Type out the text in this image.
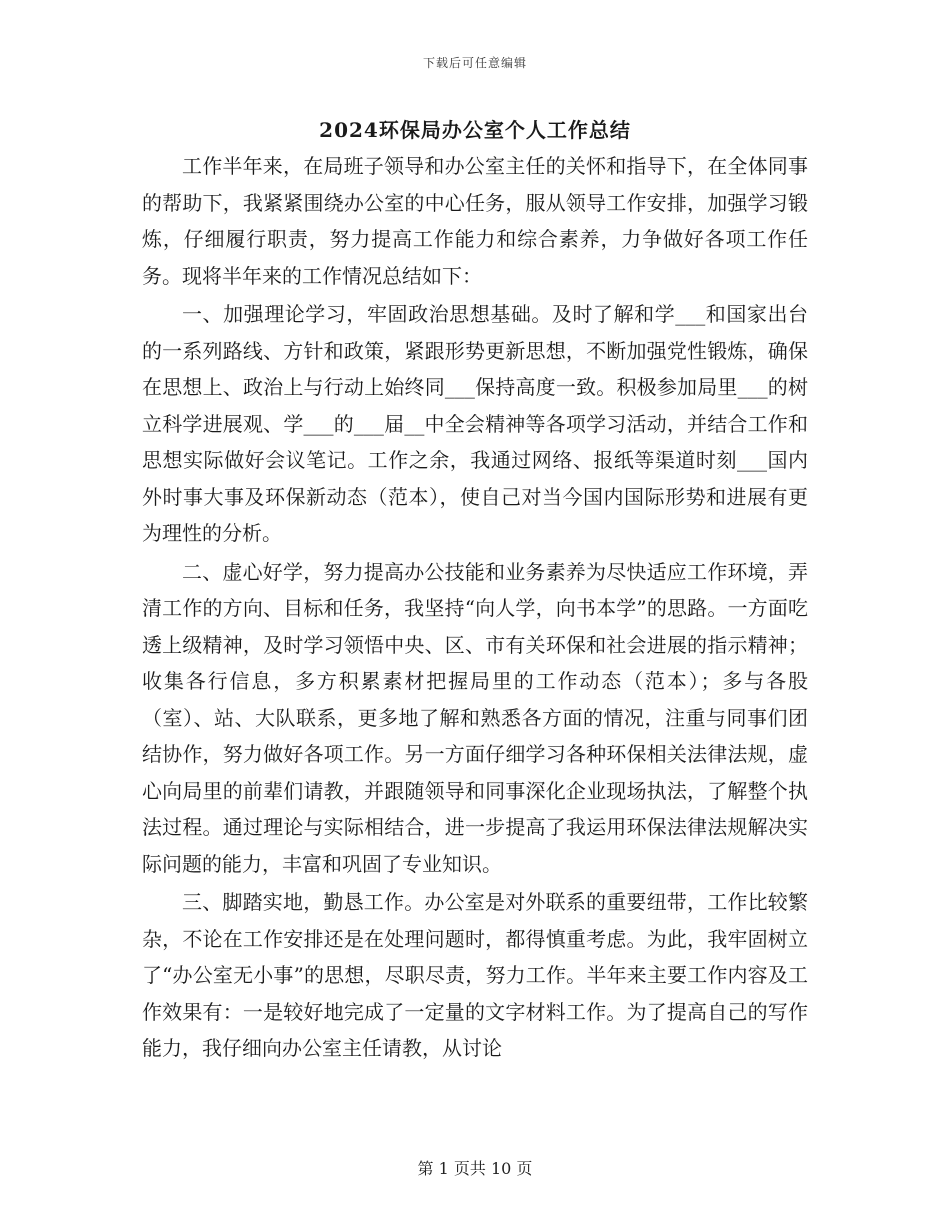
下载后可任意编辑
2024环保局办公室个人工作总结

工作半年来，在局班子领导和办公室主任的关怀和指导下，在全体同事的帮助下，我紧紧围绕办公室的中心任务，服从领导工作安排，加强学习锻炼，仔细履行职责，努力提高工作能力和综合素养，力争做好各项工作任务。现将半年来的工作情况总结如下：

一、加强理论学习，牢固政治思想基础。及时了解和学___和国家出台的一系列路线、方针和政策，紧跟形势更新思想，不断加强党性锻炼，确保在思想上、政治上与行动上始终同___保持高度一致。积极参加局里___的树立科学进展观、学___的___届__中全会精神等各项学习活动，并结合工作和思想实际做好会议笔记。工作之余，我通过网络、报纸等渠道时刻___国内外时事大事及环保新动态（范本），使自己对当今国内国际形势和进展有更为理性的分析。

二、虚心好学，努力提高办公技能和业务素养为尽快适应工作环境，弄清工作的方向、目标和任务，我坚持“向人学，向书本学”的思路。一方面吃透上级精神，及时学习领悟中央、区、市有关环保和社会进展的指示精神；收集各行信息，多方积累素材把握局里的工作动态（范本）；多与各股（室）、站、大队联系，更多地了解和熟悉各方面的情况，注重与同事们团结协作，努力做好各项工作。另一方面仔细学习各种环保相关法律法规，虚心向局里的前辈们请教，并跟随领导和同事深化企业现场执法，了解整个执法过程。通过理论与实际相结合，进一步提高了我运用环保法律法规解决实际问题的能力，丰富和巩固了专业知识。

三、脚踏实地，勤恳工作。办公室是对外联系的重要纽带，工作比较繁杂，不论在工作安排还是在处理问题时，都得慎重考虑。为此，我牢固树立了“办公室无小事”的思想，尽职尽责，努力工作。半年来主要工作内容及工作效果有：一是较好地完成了一定量的文字材料工作。为了提高自己的写作能力，我仔细向办公室主任请教，从讨论

第 1 页共 10 页
